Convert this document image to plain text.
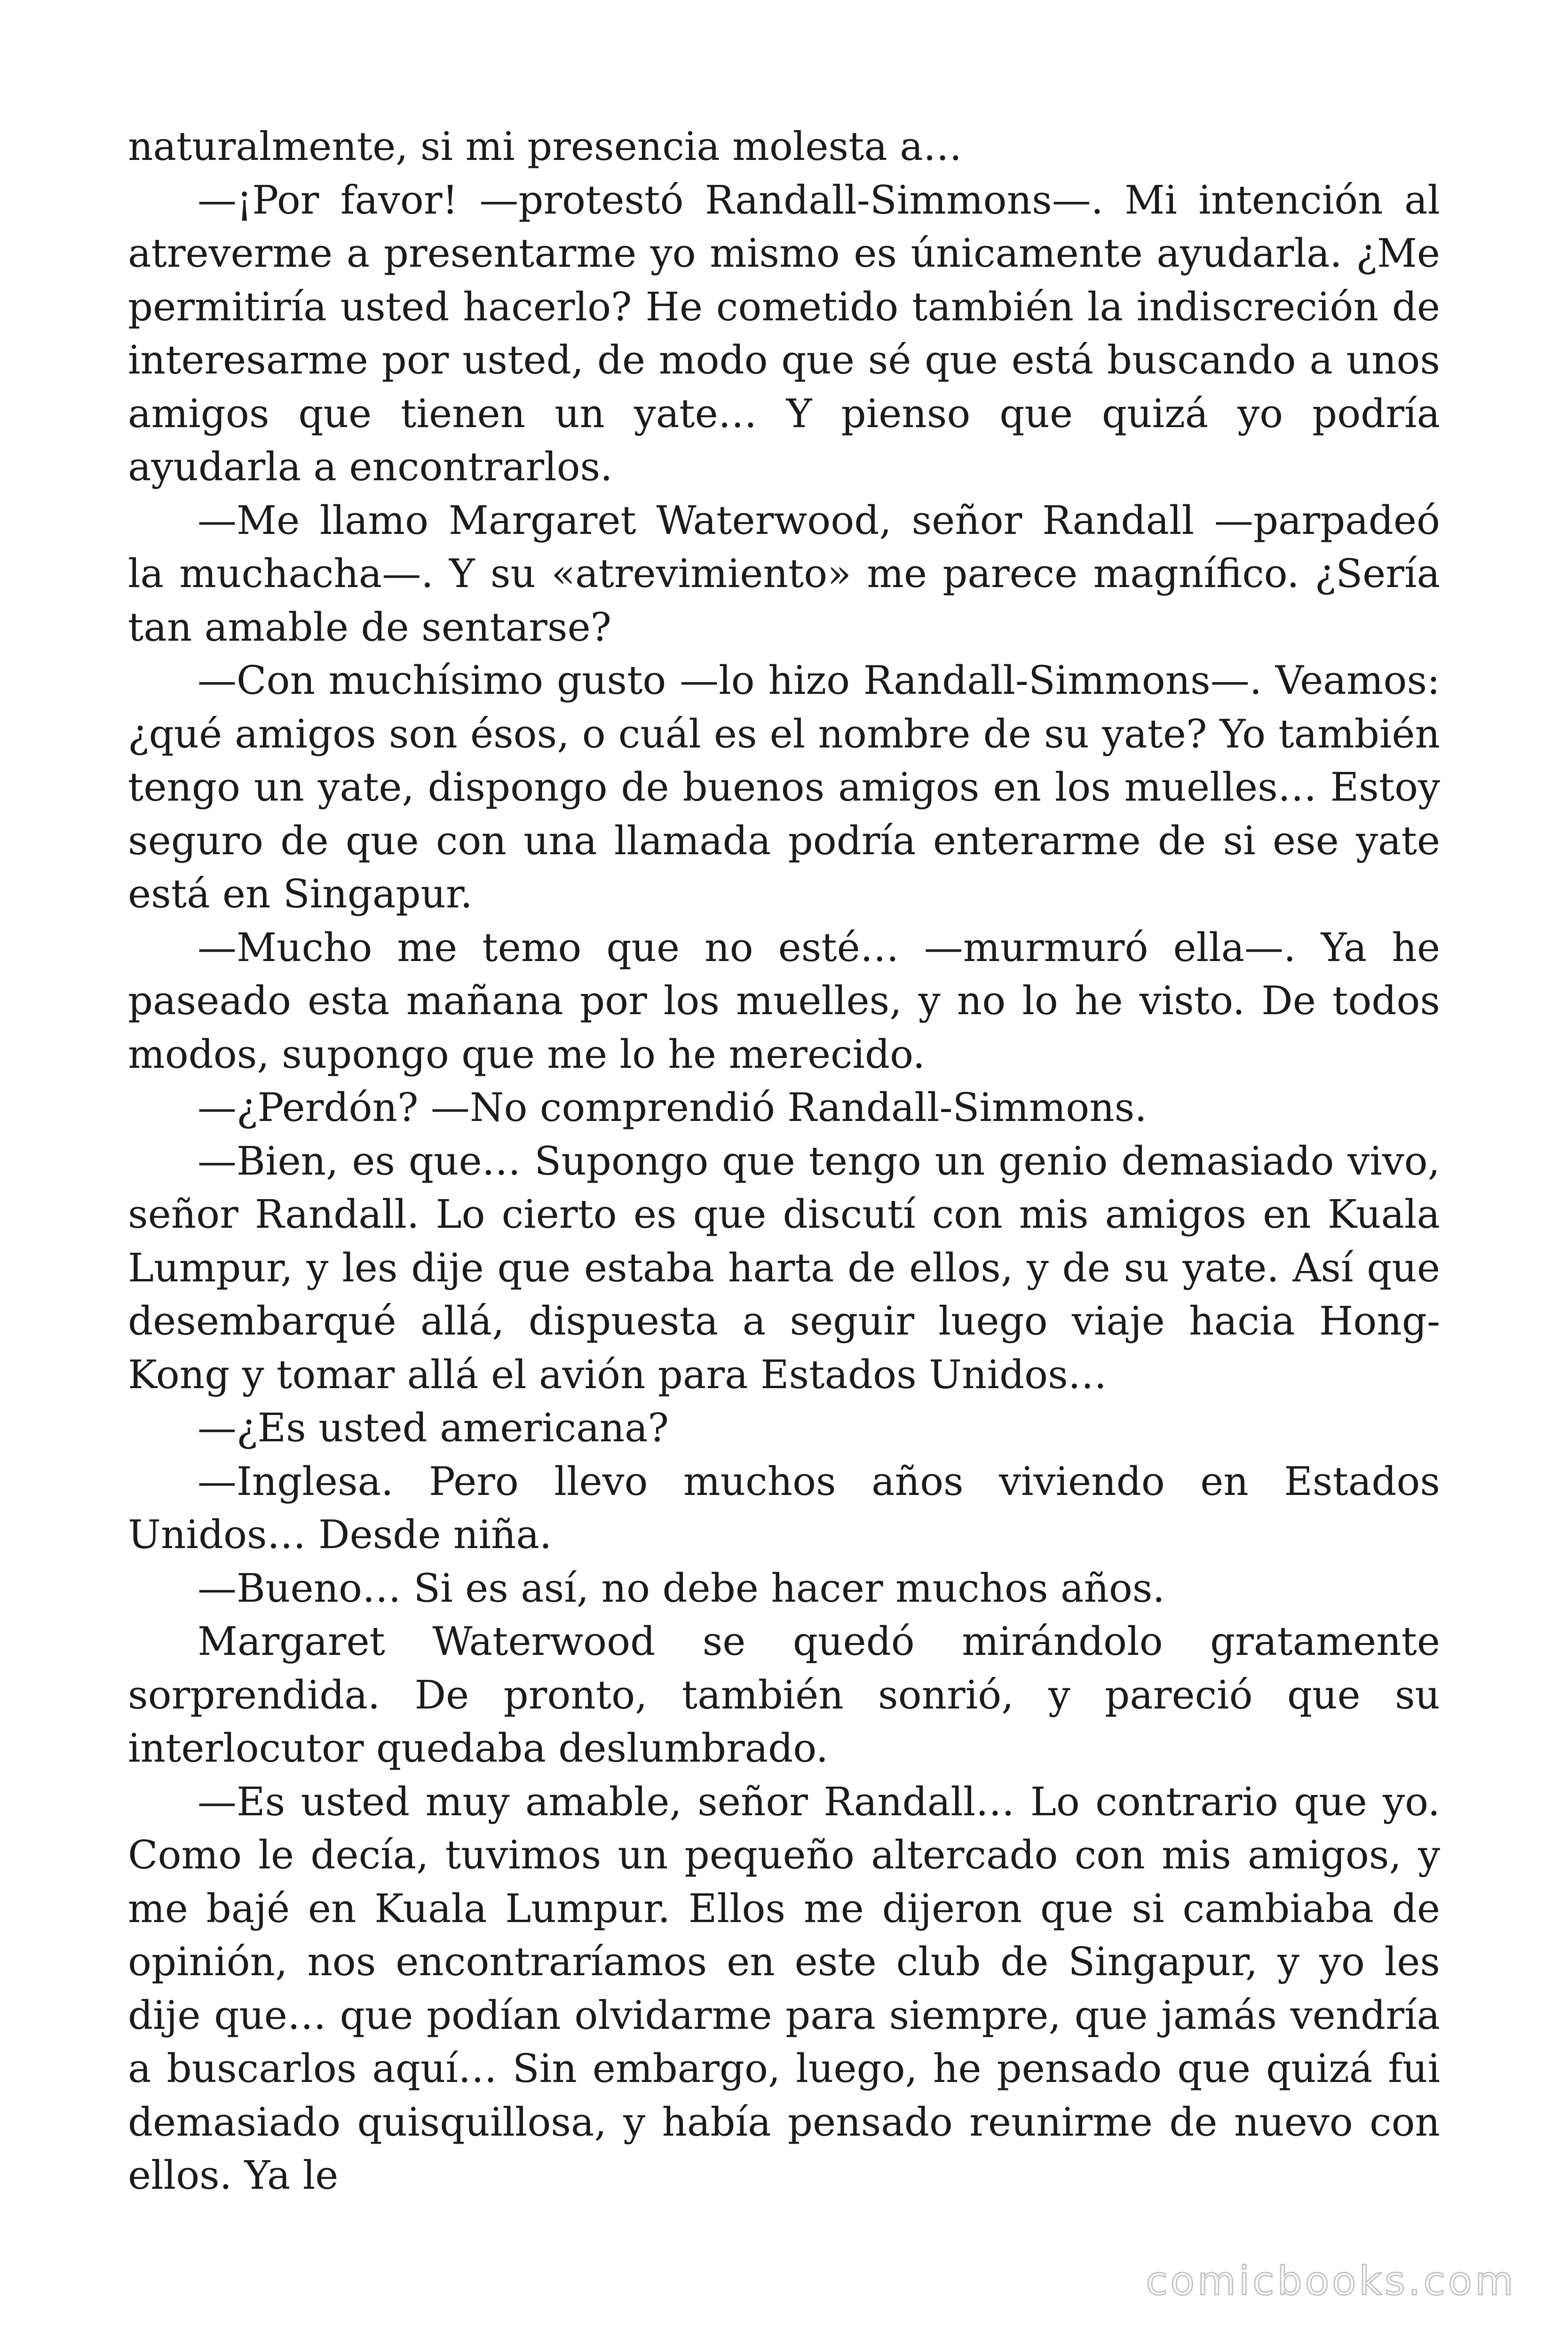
naturalmente, si mi presencia molesta a…

—¡Por favor! —protestó Randall-Simmons—. Mi intención al atreverme a presentarme yo mismo es únicamente ayudarla. ¿Me permitiría usted hacerlo? He cometido también la indiscreción de interesarme por usted, de modo que sé que está buscando a unos amigos que tienen un yate… Y pienso que quizá yo podría ayudarla a encontrarlos.

—Me llamo Margaret Waterwood, señor Randall —parpadeó la muchacha—. Y su «atrevimiento» me parece magnífico. ¿Sería tan amable de sentarse?

—Con muchísimo gusto —lo hizo Randall-Simmons—. Veamos: ¿qué amigos son ésos, o cuál es el nombre de su yate? Yo también tengo un yate, dispongo de buenos amigos en los muelles… Estoy seguro de que con una llamada podría enterarme de si ese yate está en Singapur.

—Mucho me temo que no esté… —murmuró ella—. Ya he paseado esta mañana por los muelles, y no lo he visto. De todos modos, supongo que me lo he merecido.

—¿Perdón? —No comprendió Randall-Simmons.

—Bien, es que… Supongo que tengo un genio demasiado vivo, señor Randall. Lo cierto es que discutí con mis amigos en Kuala Lumpur, y les dije que estaba harta de ellos, y de su yate. Así que desembarqué allá, dispuesta a seguir luego viaje hacia Hong-Kong y tomar allá el avión para Estados Unidos…

—¿Es usted americana?

—Inglesa. Pero llevo muchos años viviendo en Estados Unidos… Desde niña.

—Bueno… Si es así, no debe hacer muchos años.

Margaret Waterwood se quedó mirándolo gratamente sorprendida. De pronto, también sonrió, y pareció que su interlocutor quedaba deslumbrado.

—Es usted muy amable, señor Randall… Lo contrario que yo. Como le decía, tuvimos un pequeño altercado con mis amigos, y me bajé en Kuala Lumpur. Ellos me dijeron que si cambiaba de opinión, nos encontraríamos en este club de Singapur, y yo les dije que… que podían olvidarme para siempre, que jamás vendría a buscarlos aquí… Sin embargo, luego, he pensado que quizá fui demasiado quisquillosa, y había pensado reunirme de nuevo con ellos. Ya le

comicbooks.com
